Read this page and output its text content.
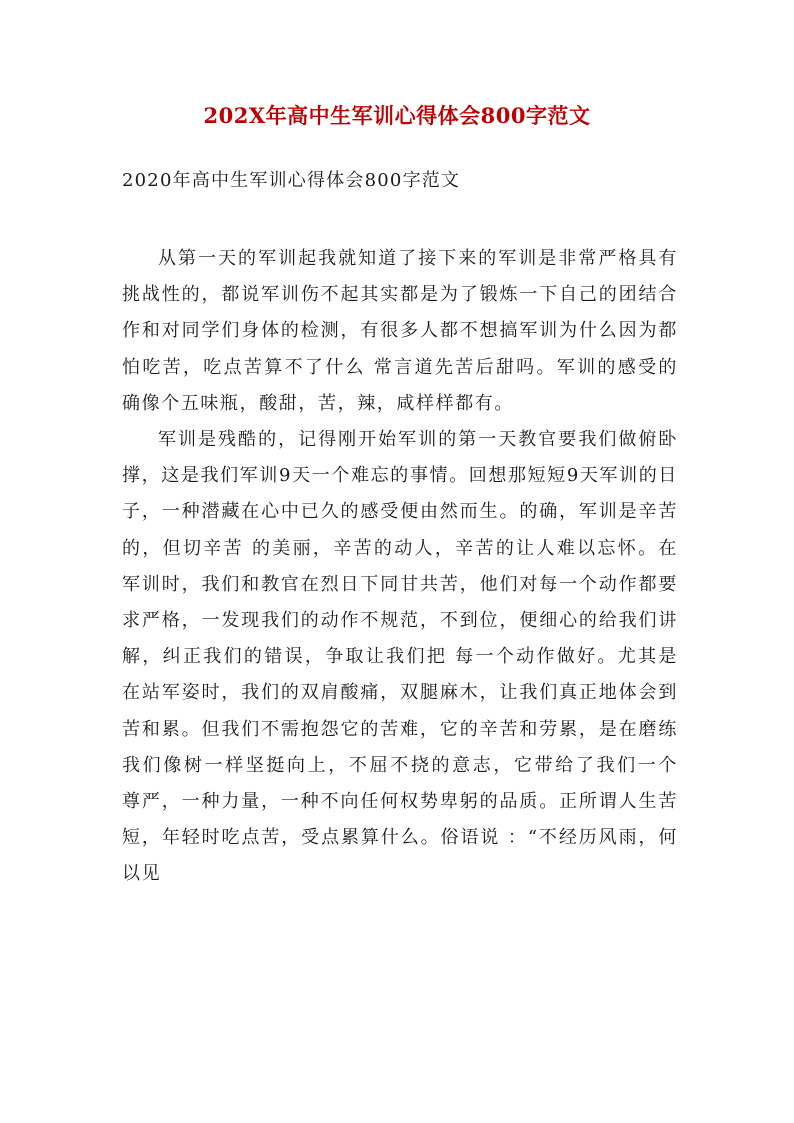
202X年高中生军训心得体会800字范文
2020年高中生军训心得体会800字范文

从第一天的军训起我就知道了接下来的军训是非常严格具有挑战性的，都说军训伤不起其实都是为了锻炼一下自己的团结合作和对同学们身体的检测，有很多人都不想搞军训为什么因为都怕吃苦，吃点苦算不了什么 常言道先苦后甜吗。军训的感受的确像个五味瓶，酸甜，苦，辣，咸样样都有。

军训是残酷的，记得刚开始军训的第一天教官要我们做俯卧撑，这是我们军训9天一个难忘的事情。回想那短短9天军训的日子，一种潜藏在心中已久的感受便由然而生。的确，军训是辛苦的，但切辛苦 的美丽，辛苦的动人，辛苦的让人难以忘怀。在军训时，我们和教官在烈日下同甘共苦，他们对每一个动作都要求严格，一发现我们的动作不规范，不到位，便细心的给我们讲解，纠正我们的错误，争取让我们把 每一个动作做好。尤其是在站军姿时，我们的双肩酸痛，双腿麻木，让我们真正地体会到苦和累。但我们不需抱怨它的苦难，它的辛苦和劳累，是在磨练我们像树一样坚挺向上，不屈不挠的意志，它带给了我们一个 尊严，一种力量，一种不向任何权势卑躬的品质。正所谓人生苦短，年轻时吃点苦，受点累算什么。俗语说 ：“不经历风雨，何以见
